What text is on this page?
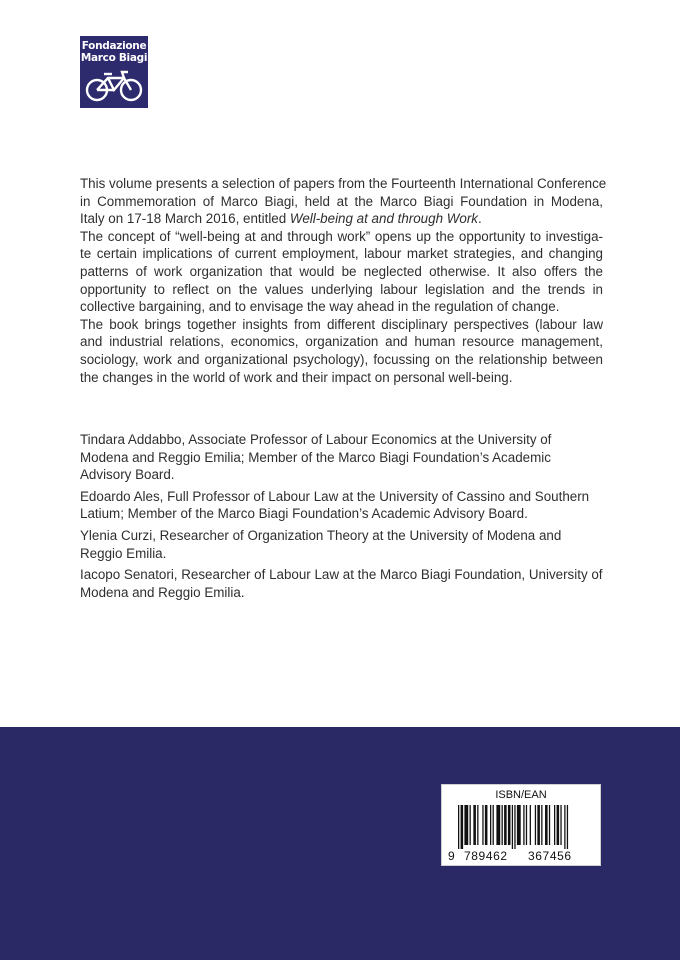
Fondazione
Marco Biagi

This volume presents a selection of papers from the Fourteenth International Conference
in Commemoration of Marco Biagi, held at the Marco Biagi Foundation in Modena,
Italy on 17-18 March 2016, entitled Well-being at and through Work.

The concept of “well-being at and through work” opens up the opportunity to investiga-
te certain implications of current employment, labour market strategies, and changing
patterns of work organization that would be neglected otherwise. It also offers the
opportunity to reflect on the values underlying labour legislation and the trends in
collective bargaining, and to envisage the way ahead in the regulation of change.

The book brings together insights from different disciplinary perspectives (labour law
and industrial relations, economics, organization and human resource management,
sociology, work and organizational psychology), focussing on the relationship between
the changes in the world of work and their impact on personal well-being.

Tindara Addabbo, Associate Professor of Labour Economics at the University of Modena and Reggio Emilia; Member of the Marco Biagi Foundation’s Academic Advisory Board.

Edoardo Ales, Full Professor of Labour Law at the University of Cassino and Southern Latium; Member of the Marco Biagi Foundation’s Academic Advisory Board.

Ylenia Curzi, Researcher of Organization Theory at the University of Modena and Reggio Emilia.

Iacopo Senatori, Researcher of Labour Law at the Marco Biagi Foundation, University of Modena and Reggio Emilia.

ISBN/EAN
9 789462 367456
